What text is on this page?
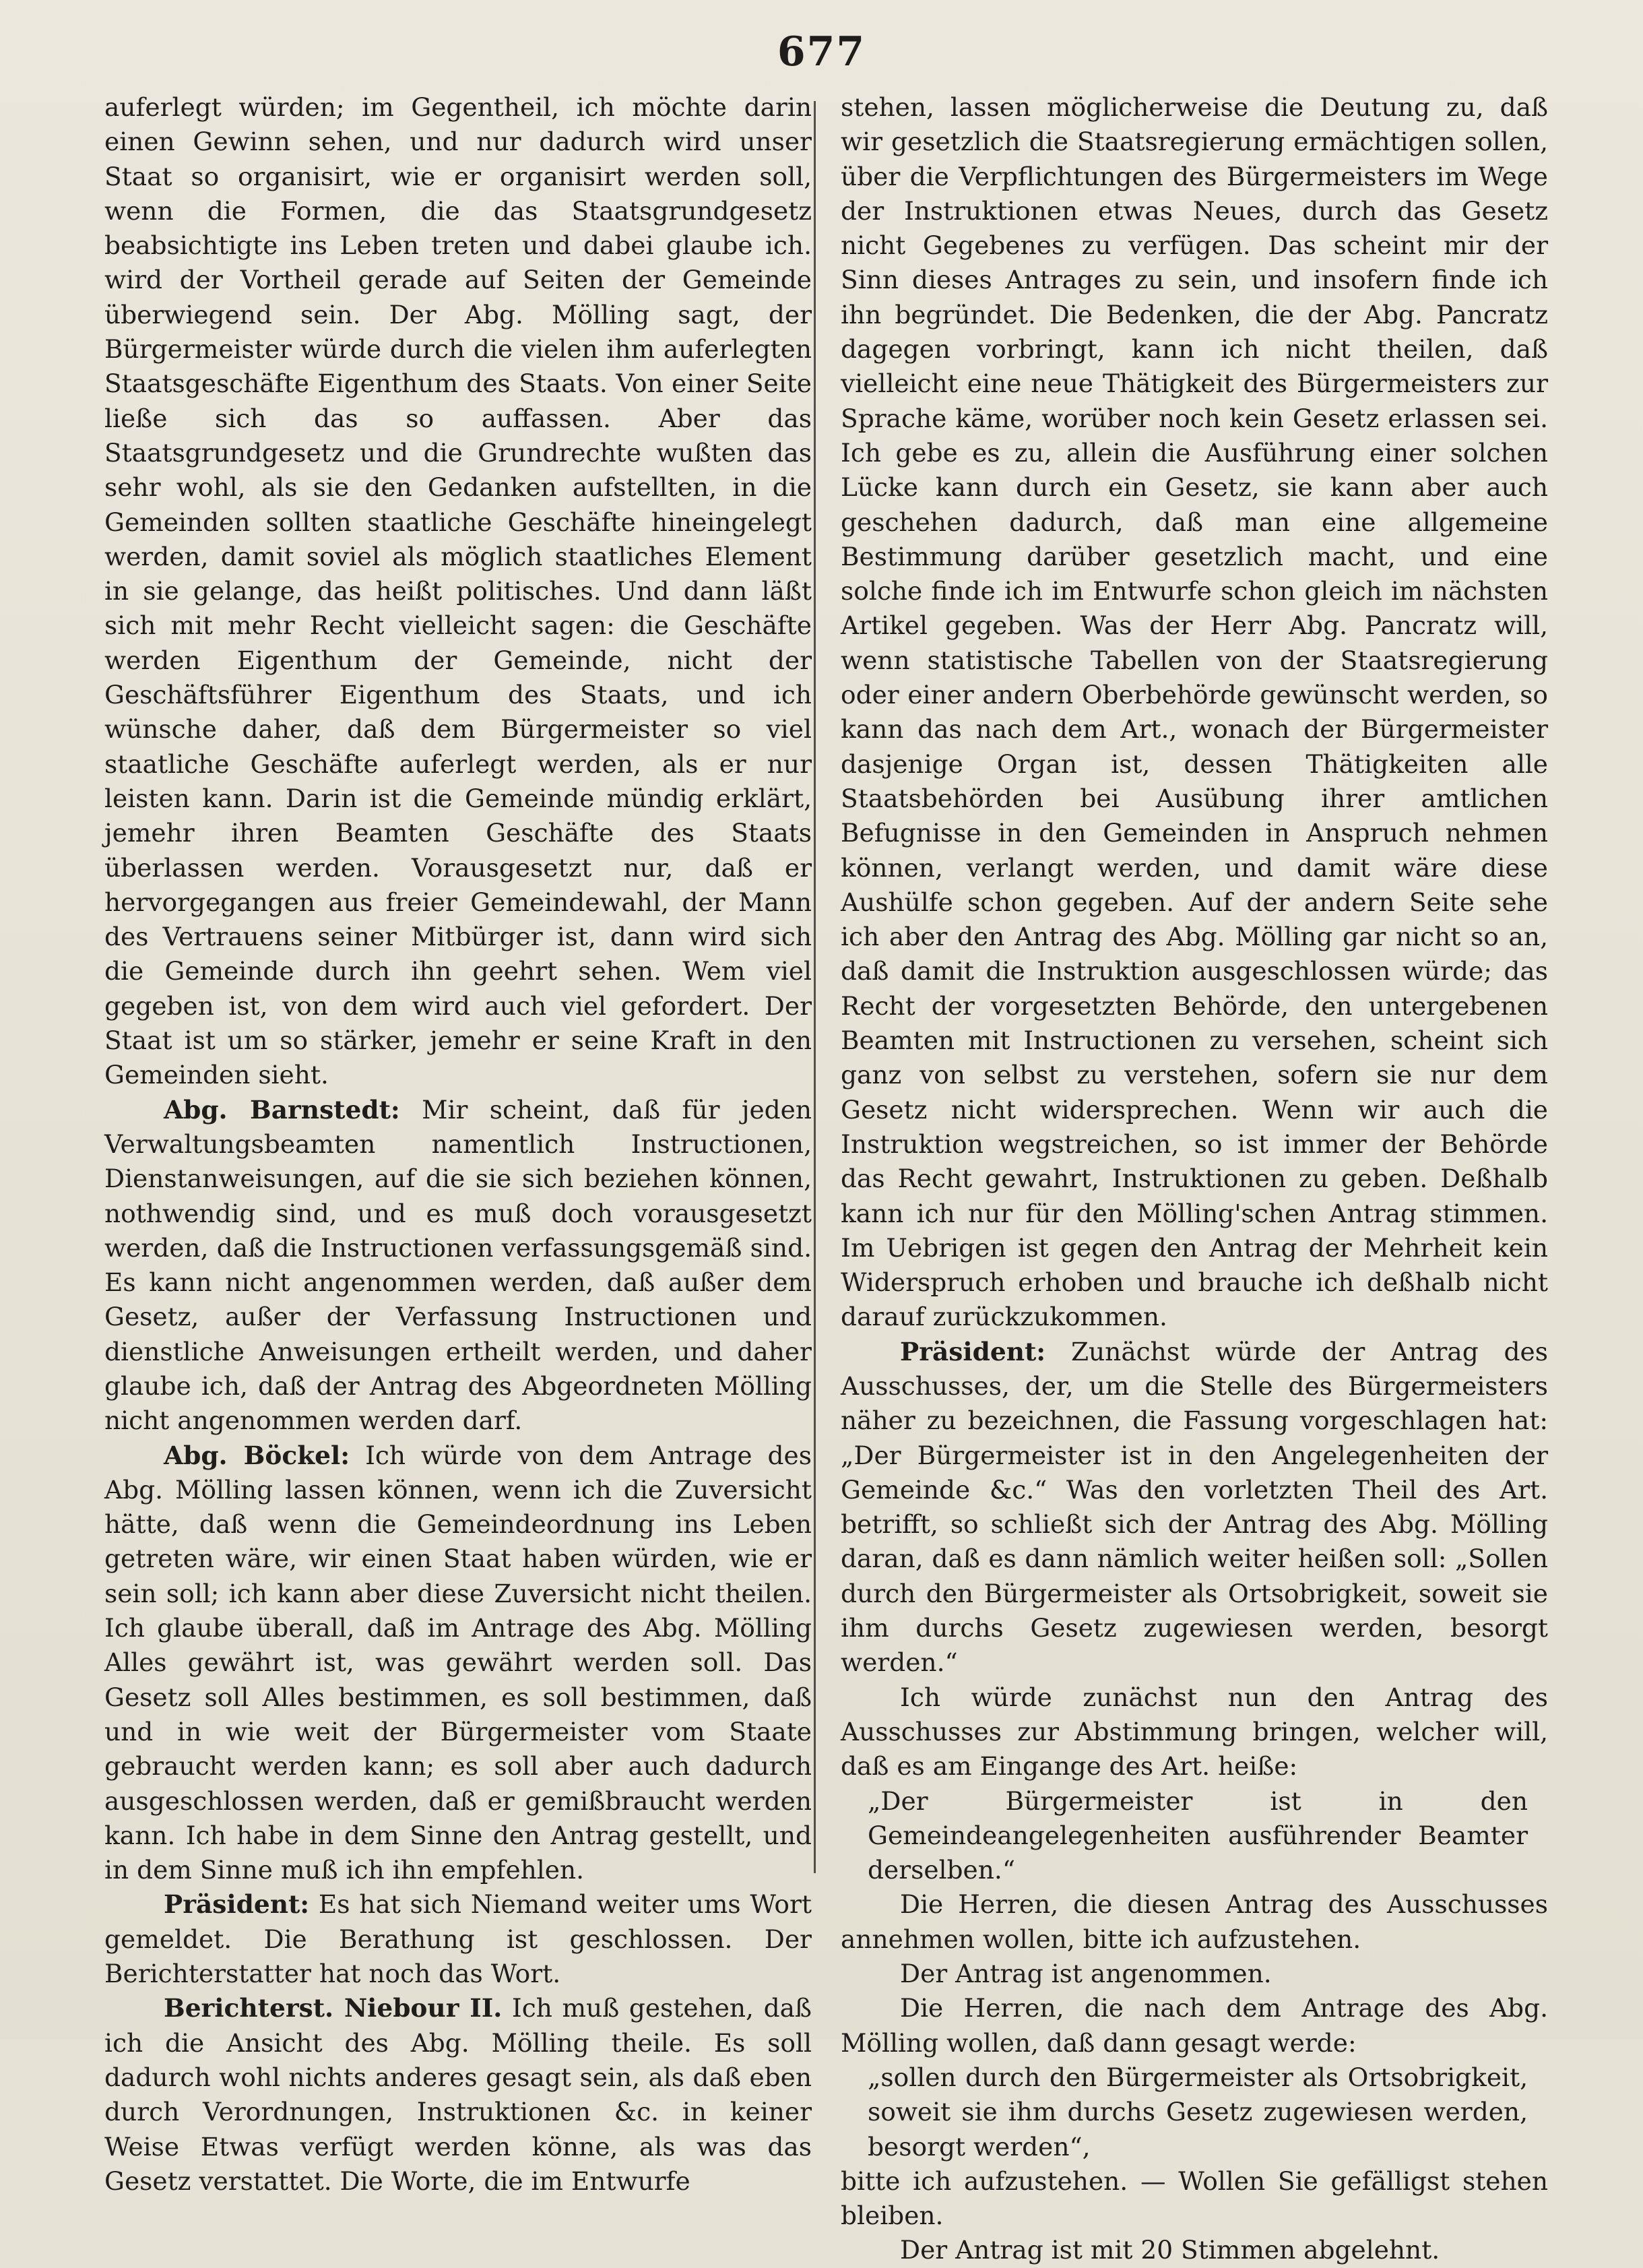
677

auferlegt würden; im Gegentheil, ich möchte darin einen Gewinn sehen, und nur dadurch wird unser Staat so organisirt, wie er organisirt werden soll, wenn die Formen, die das Staatsgrundgesetz beabsichtigte ins Leben treten und dabei glaube ich. wird der Vortheil gerade auf Seiten der Gemeinde überwiegend sein. Der Abg. Mölling sagt, der Bürgermeister würde durch die vielen ihm auferlegten Staatsgeschäfte Eigenthum des Staats. Von einer Seite ließe sich das so auffassen. Aber das Staatsgrundgesetz und die Grundrechte wußten das sehr wohl, als sie den Gedanken aufstellten, in die Gemeinden sollten staatliche Geschäfte hineingelegt werden, damit soviel als möglich staatliches Element in sie gelange, das heißt politisches. Und dann läßt sich mit mehr Recht vielleicht sagen: die Geschäfte werden Eigenthum der Gemeinde, nicht der Geschäftsführer Eigenthum des Staats, und ich wünsche daher, daß dem Bürgermeister so viel staatliche Geschäfte auferlegt werden, als er nur leisten kann. Darin ist die Gemeinde mündig erklärt, jemehr ihren Beamten Geschäfte des Staats überlassen werden. Vorausgesetzt nur, daß er hervorgegangen aus freier Gemeindewahl, der Mann des Vertrauens seiner Mitbürger ist, dann wird sich die Gemeinde durch ihn geehrt sehen. Wem viel gegeben ist, von dem wird auch viel gefordert. Der Staat ist um so stärker, jemehr er seine Kraft in den Gemeinden sieht.

Abg. Barnstedt: Mir scheint, daß für jeden Verwaltungsbeamten namentlich Instructionen, Dienstanweisungen, auf die sie sich beziehen können, nothwendig sind, und es muß doch vorausgesetzt werden, daß die Instructionen verfassungsgemäß sind. Es kann nicht angenommen werden, daß außer dem Gesetz, außer der Verfassung Instructionen und dienstliche Anweisungen ertheilt werden, und daher glaube ich, daß der Antrag des Abgeordneten Mölling nicht angenommen werden darf.

Abg. Böckel: Ich würde von dem Antrage des Abg. Mölling lassen können, wenn ich die Zuversicht hätte, daß wenn die Gemeindeordnung ins Leben getreten wäre, wir einen Staat haben würden, wie er sein soll; ich kann aber diese Zuversicht nicht theilen. Ich glaube überall, daß im Antrage des Abg. Mölling Alles gewährt ist, was gewährt werden soll. Das Gesetz soll Alles bestimmen, es soll bestimmen, daß und in wie weit der Bürgermeister vom Staate gebraucht werden kann; es soll aber auch dadurch ausgeschlossen werden, daß er gemißbraucht werden kann. Ich habe in dem Sinne den Antrag gestellt, und in dem Sinne muß ich ihn empfehlen.

Präsident: Es hat sich Niemand weiter ums Wort gemeldet. Die Berathung ist geschlossen. Der Berichterstatter hat noch das Wort.

Berichterst. Niebour II. Ich muß gestehen, daß ich die Ansicht des Abg. Mölling theile. Es soll dadurch wohl nichts anderes gesagt sein, als daß eben durch Verordnungen, Instruktionen &c. in keiner Weise Etwas verfügt werden könne, als was das Gesetz verstattet. Die Worte, die im Entwurfe

stehen, lassen möglicherweise die Deutung zu, daß wir gesetzlich die Staatsregierung ermächtigen sollen, über die Verpflichtungen des Bürgermeisters im Wege der Instruktionen etwas Neues, durch das Gesetz nicht Gegebenes zu verfügen. Das scheint mir der Sinn dieses Antrages zu sein, und insofern finde ich ihn begründet. Die Bedenken, die der Abg. Pancratz dagegen vorbringt, kann ich nicht theilen, daß vielleicht eine neue Thätigkeit des Bürgermeisters zur Sprache käme, worüber noch kein Gesetz erlassen sei. Ich gebe es zu, allein die Ausführung einer solchen Lücke kann durch ein Gesetz, sie kann aber auch geschehen dadurch, daß man eine allgemeine Bestimmung darüber gesetzlich macht, und eine solche finde ich im Entwurfe schon gleich im nächsten Artikel gegeben. Was der Herr Abg. Pancratz will, wenn statistische Tabellen von der Staatsregierung oder einer andern Oberbehörde gewünscht werden, so kann das nach dem Art., wonach der Bürgermeister dasjenige Organ ist, dessen Thätigkeiten alle Staatsbehörden bei Ausübung ihrer amtlichen Befugnisse in den Gemeinden in Anspruch nehmen können, verlangt werden, und damit wäre diese Aushülfe schon gegeben. Auf der andern Seite sehe ich aber den Antrag des Abg. Mölling gar nicht so an, daß damit die Instruktion ausgeschlossen würde; das Recht der vorgesetzten Behörde, den untergebenen Beamten mit Instructionen zu versehen, scheint sich ganz von selbst zu verstehen, sofern sie nur dem Gesetz nicht widersprechen. Wenn wir auch die Instruktion wegstreichen, so ist immer der Behörde das Recht gewahrt, Instruktionen zu geben. Deßhalb kann ich nur für den Mölling'schen Antrag stimmen. Im Uebrigen ist gegen den Antrag der Mehrheit kein Widerspruch erhoben und brauche ich deßhalb nicht darauf zurückzukommen.

Präsident: Zunächst würde der Antrag des Ausschusses, der, um die Stelle des Bürgermeisters näher zu bezeichnen, die Fassung vorgeschlagen hat: „Der Bürgermeister ist in den Angelegenheiten der Gemeinde &c.“ Was den vorletzten Theil des Art. betrifft, so schließt sich der Antrag des Abg. Mölling daran, daß es dann nämlich weiter heißen soll: „Sollen durch den Bürgermeister als Ortsobrigkeit, soweit sie ihm durchs Gesetz zugewiesen werden, besorgt werden.“

Ich würde zunächst nun den Antrag des Ausschusses zur Abstimmung bringen, welcher will, daß es am Eingange des Art. heiße:

„Der Bürgermeister ist in den Gemeindeangelegenheiten ausführender Beamter derselben.“

Die Herren, die diesen Antrag des Ausschusses annehmen wollen, bitte ich aufzustehen.

Der Antrag ist angenommen.

Die Herren, die nach dem Antrage des Abg. Mölling wollen, daß dann gesagt werde:

„sollen durch den Bürgermeister als Ortsobrigkeit, soweit sie ihm durchs Gesetz zugewiesen werden, besorgt werden“,

bitte ich aufzustehen. — Wollen Sie gefälligst stehen bleiben.

Der Antrag ist mit 20 Stimmen abgelehnt.
